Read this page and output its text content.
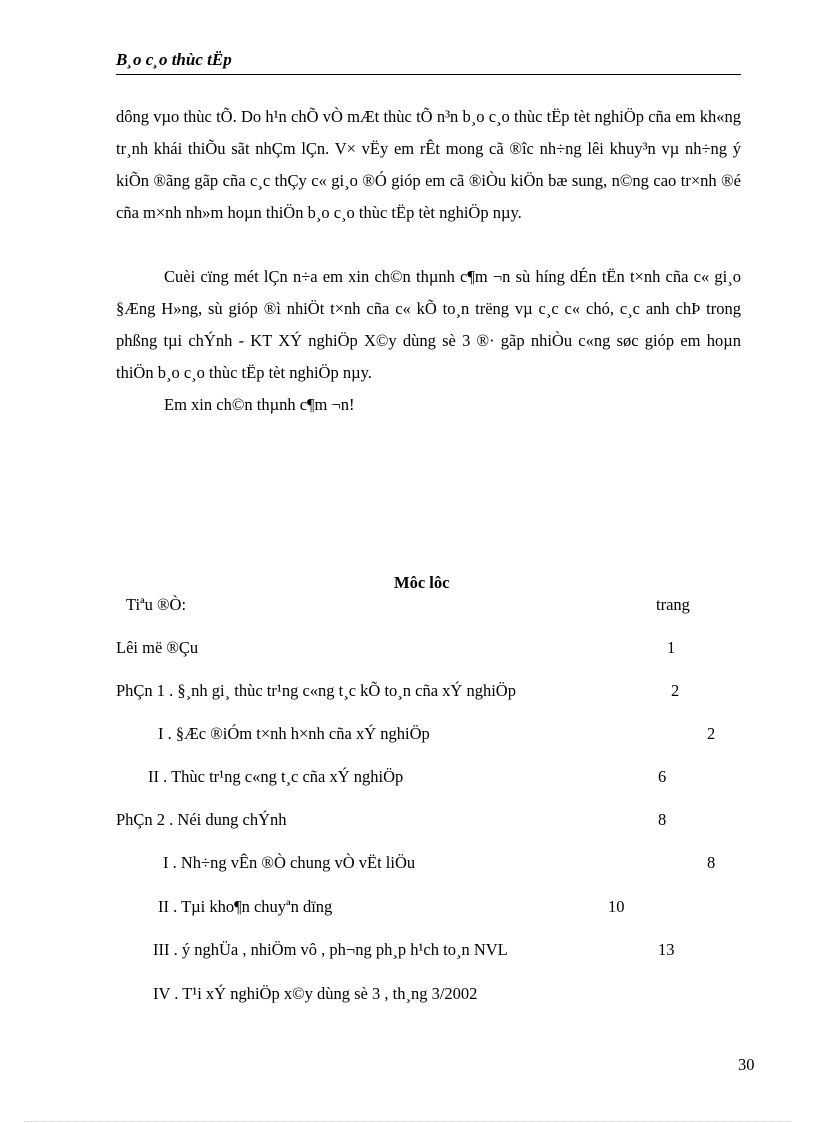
B¸o c¸o thùc tËp
dông vµo thùc tÕ. Do h¹n chÕ vÒ mÆt thùc tÕ n³n b¸o c¸o thùc tËp tèt nghiÖp cña em kh«ng tr¸nh khái thiÕu sãt nhÇm lÇn. V× vËy em rÊt mong cã ®îc nh÷ng lêi khuy³n vµ nh÷ng ý kiÕn ®ãng gãp cña c¸c thÇy c« gi¸o ®Ó gióp em cã ®iÒu kiÖn bæ sung, n©ng cao tr×nh ®é cña m×nh nh»m hoµn thiÖn b¸o c¸o thùc tËp tèt nghiÖp nµy.
Cuèi cïng mét lÇn n÷a em xin ch©n thµnh c¶m ¬n sù híng dÉn tËn t×nh cña c« gi¸o §Æng H»ng, sù gióp ®ì nhiÖt t×nh cña c« kÕ to¸n trëng vµ c¸c c« chó, c¸c anh chÞ trong phßng tµi chÝnh - KT XÝ nghiÖp X©y dùng sè 3 ®· gãp nhiÒu c«ng søc gióp em hoµn thiÖn b¸o c¸o thùc tËp tèt nghiÖp nµy.
Em xin ch©n thµnh c¶m ¬n!
Môc lôc
Tiªu ®Ò:	trang
Lêi më ®Çu	1
PhÇn 1 . §¸nh gi¸ thùc tr¹ng c«ng t¸c kÕ to¸n cña xÝ nghiÖp	2
I . §Æc ®iÓm t×nh h×nh cña xÝ nghiÖp	2
II . Thùc tr¹ng c«ng t¸c cña xÝ nghiÖp	6
PhÇn 2 . Néi dung chÝnh	8
I . Nh÷ng vÊn ®Ò chung vÒ vËt liÖu	8
II . Tµi kho¶n chuyªn dïng	10
III . ý nghÜa , nhiÖm vô , ph¬ng ph¸p h¹ch to¸n NVL	13
IV . T¹i xÝ nghiÖp x©y dùng sè 3 , th¸ng 3/2002
30
